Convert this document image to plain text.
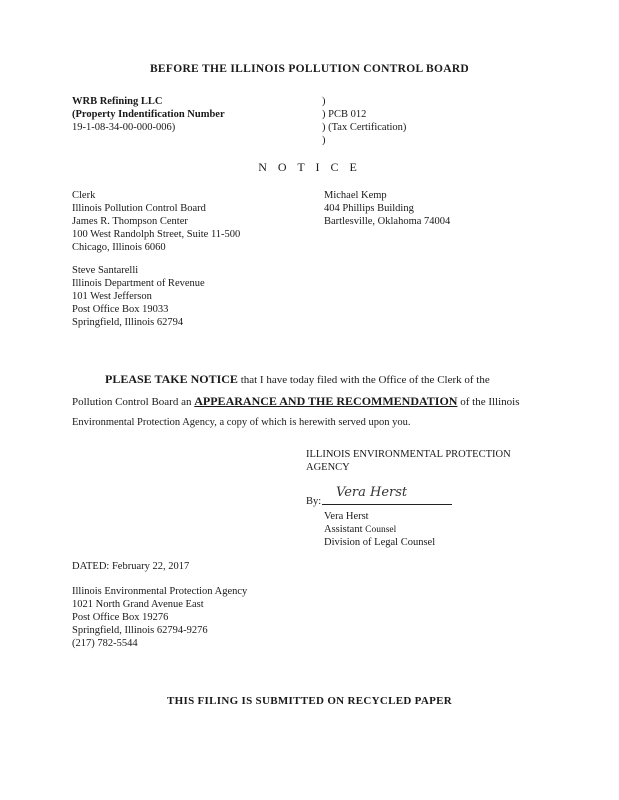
BEFORE THE ILLINOIS POLLUTION CONTROL BOARD
WRB Refining LLC
(Property Indentification Number
19-1-08-34-00-000-006)
)
) PCB 012
) (Tax Certification)
)
N O T I C E
Clerk
Illinois Pollution Control Board
James R. Thompson Center
100 West Randolph Street, Suite 11-500
Chicago, Illinois 6060
Michael Kemp
404 Phillips Building
Bartlesville, Oklahoma 74004
Steve Santarelli
Illinois Department of Revenue
101 West Jefferson
Post Office Box 19033
Springfield, Illinois 62794
PLEASE TAKE NOTICE that I have today filed with the Office of the Clerk of the
Pollution Control Board an APPEARANCE AND THE RECOMMENDATION of the Illinois
Environmental Protection Agency, a copy of which is herewith served upon you.
ILLINOIS ENVIRONMENTAL PROTECTION
AGENCY
By:
Vera Herst
Vera Herst
Assistant Counsel
Division of Legal Counsel
DATED: February 22, 2017
Illinois Environmental Protection Agency
1021 North Grand Avenue East
Post Office Box 19276
Springfield, Illinois 62794-9276
(217) 782-5544
THIS FILING IS SUBMITTED ON RECYCLED PAPER
